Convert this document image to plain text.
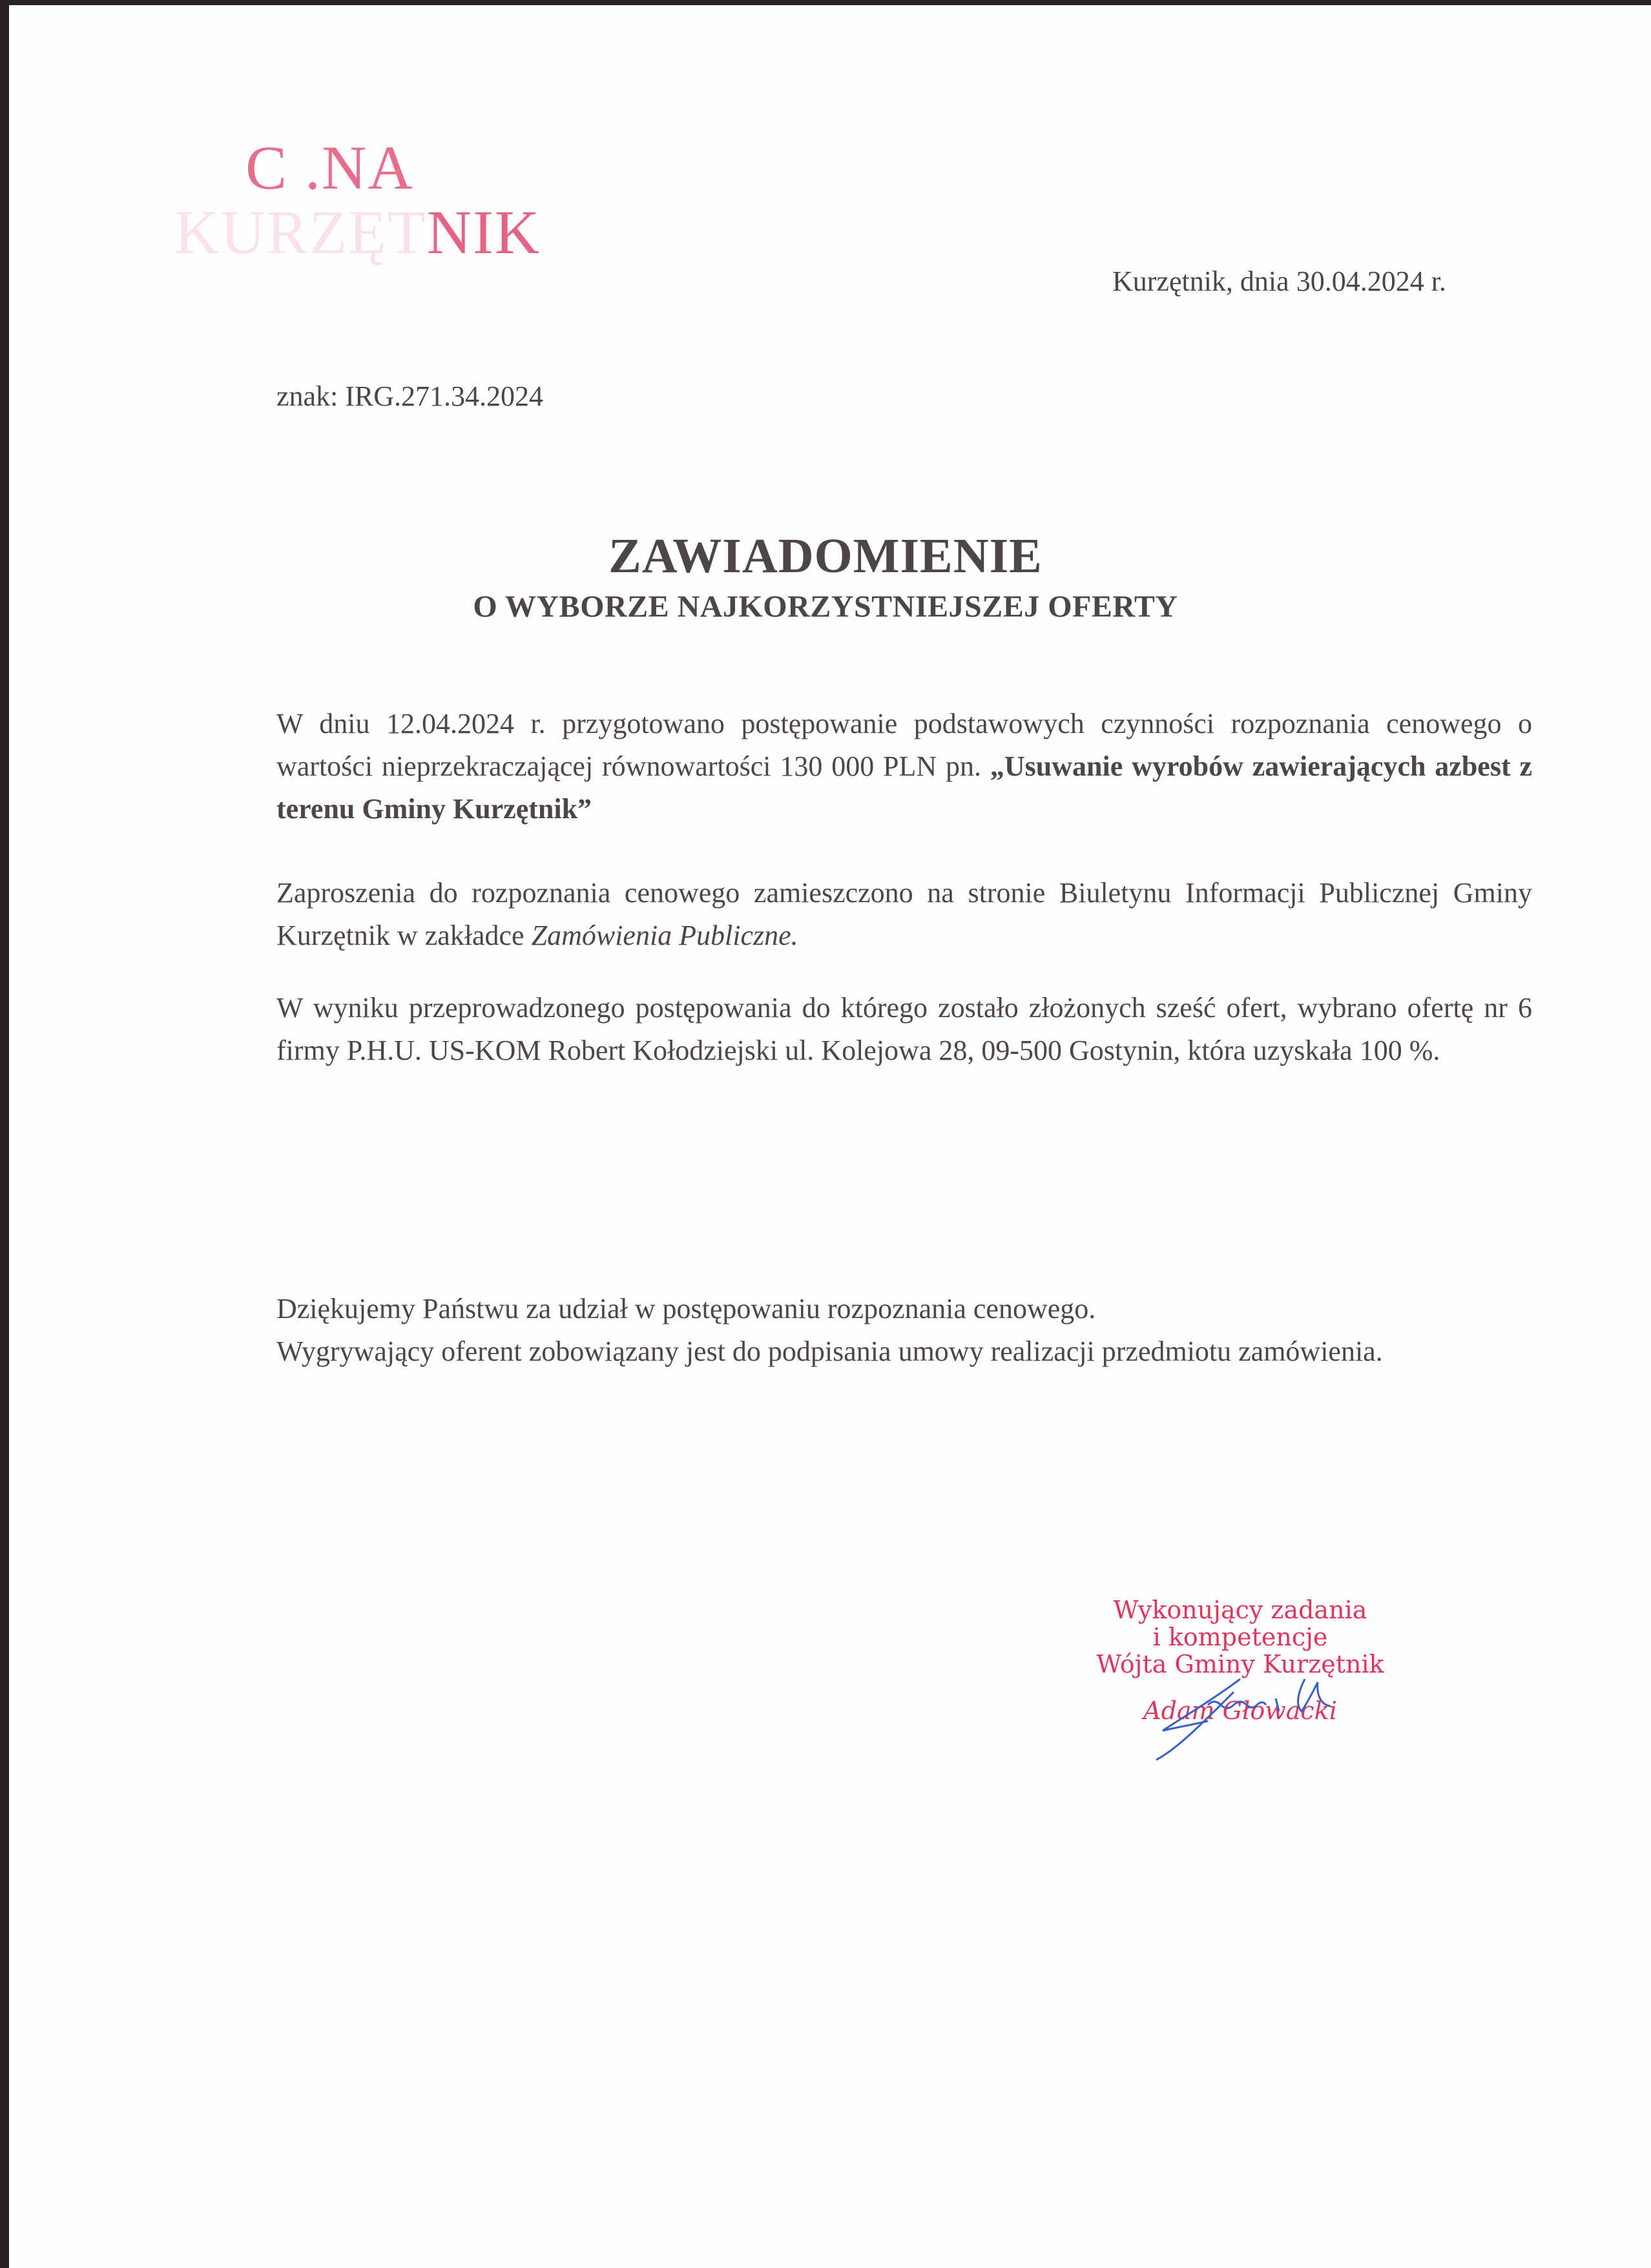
C .NA
KURZĘTNIK
Kurzętnik, dnia 30.04.2024 r.
znak: IRG.271.34.2024
ZAWIADOMIENIE
O WYBORZE NAJKORZYSTNIEJSZEJ OFERTY
W dniu 12.04.2024 r. przygotowano postępowanie podstawowych czynności rozpoznania cenowego o wartości nieprzekraczającej równowartości 130 000 PLN pn. „Usuwanie wyrobów zawierających azbest z terenu Gminy Kurzętnik”
Zaproszenia do rozpoznania cenowego zamieszczono na stronie Biuletynu Informacji Publicznej Gminy Kurzętnik w zakładce Zamówienia Publiczne.
W wyniku przeprowadzonego postępowania do którego zostało złożonych sześć ofert, wybrano ofertę nr 6 firmy P.H.U. US-KOM Robert Kołodziejski ul. Kolejowa 28, 09-500 Gostynin, która uzyskała 100 %.
Dziękujemy Państwu za udział w postępowaniu rozpoznania cenowego.
Wygrywający oferent zobowiązany jest do podpisania umowy realizacji przedmiotu zamówienia.
Wykonujący zadania
i kompetencje
Wójta Gminy Kurzętnik
Adam Głowacki
